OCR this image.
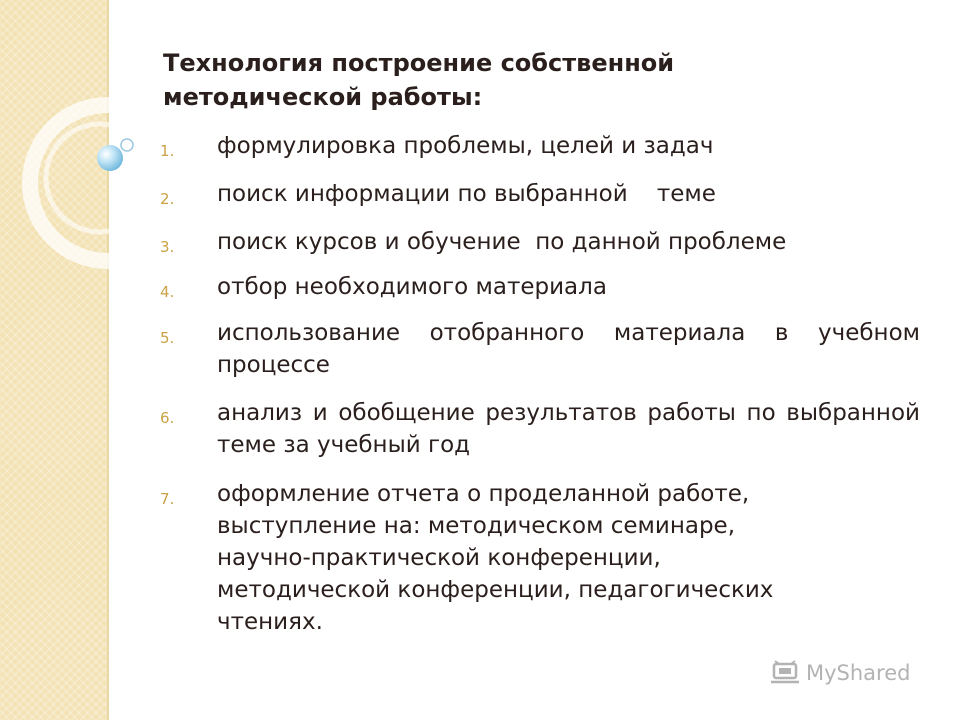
Технология построение собственной
методической работы:
1. формулировка проблемы, целей и задач
2. поиск информации по выбранной    теме
3. поиск курсов и обучение  по данной проблеме
4. отбор необходимого материала
5. использование отобранного материала в учебном процессе
6. анализ и обобщение результатов работы по выбранной теме за учебный год
7. оформление отчета о проделанной работе,
выступление на: методическом семинаре,
научно-практической конференции,
методической конференции, педагогических
чтениях.
MyShared
